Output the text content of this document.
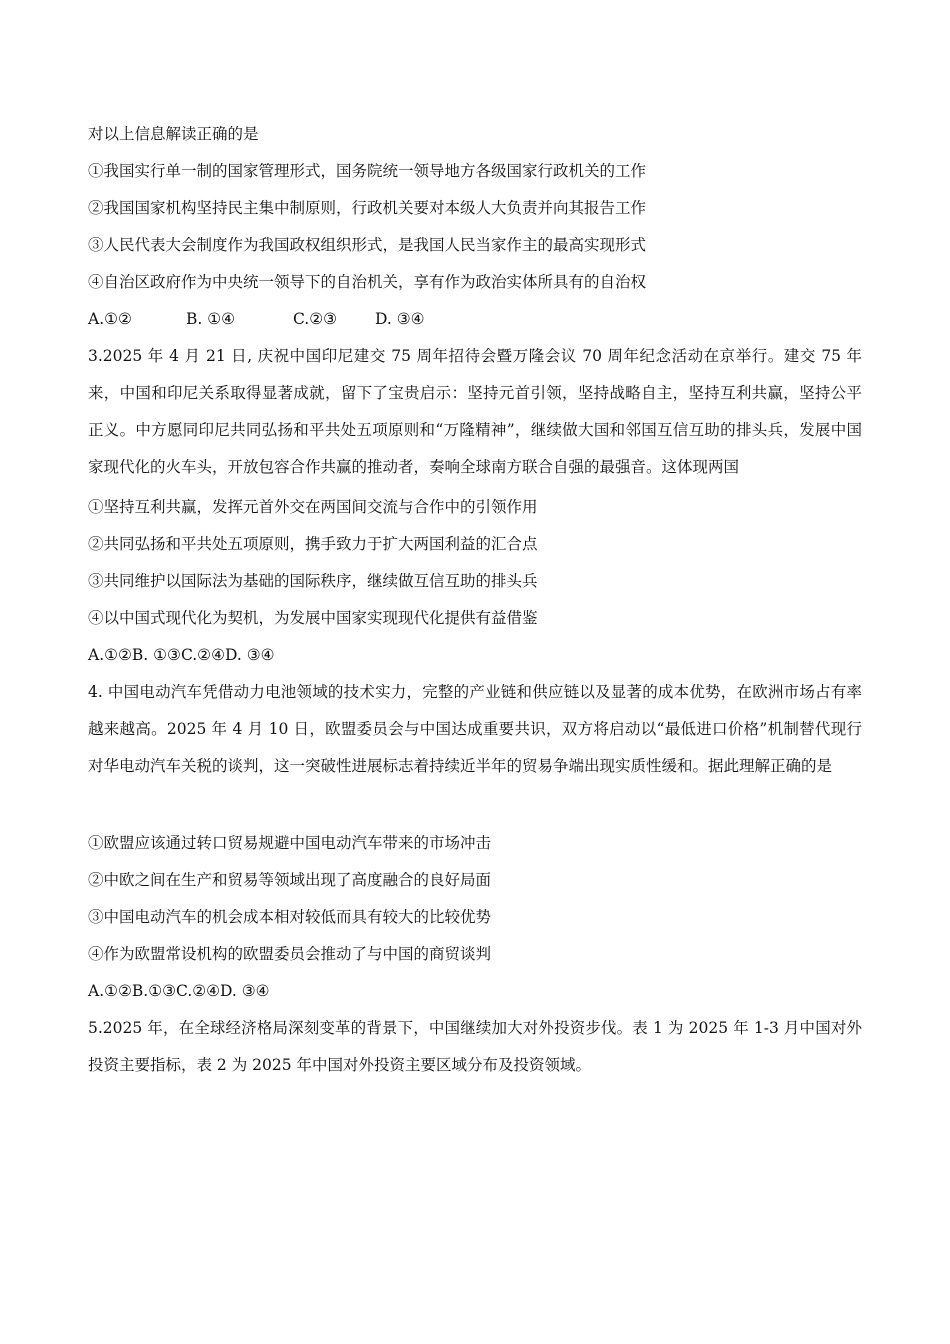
对以上信息解读正确的是
①我国实行单一制的国家管理形式，国务院统一领导地方各级国家行政机关的工作
②我国国家机构坚持民主集中制原则，行政机关要对本级人大负责并向其报告工作
③人民代表大会制度作为我国政权组织形式，是我国人民当家作主的最高实现形式
④自治区政府作为中央统一领导下的自治机关，享有作为政治实体所具有的自治权
A.①②	B. ①④	C.②③ D. ③④
3.2025 年 4 月 21 日, 庆祝中国印尼建交 75 周年招待会暨万隆会议 70 周年纪念活动在京举行。建交 75 年来，中国和印尼关系取得显著成就，留下了宝贵启示：坚持元首引领，坚持战略自主，坚持互利共赢，坚持公平正义。中方愿同印尼共同弘扬和平共处五项原则和“万隆精神”，继续做大国和邻国互信互助的排头兵，发展中国家现代化的火车头，开放包容合作共赢的推动者，奏响全球南方联合自强的最强音。这体现两国
①坚持互利共赢，发挥元首外交在两国间交流与合作中的引领作用
②共同弘扬和平共处五项原则，携手致力于扩大两国利益的汇合点
③共同维护以国际法为基础的国际秩序，继续做互信互助的排头兵
④以中国式现代化为契机，为发展中国家实现现代化提供有益借鉴
A.①②B. ①③C.②④D. ③④
4. 中国电动汽车凭借动力电池领域的技术实力，完整的产业链和供应链以及显著的成本优势，在欧洲市场占有率越来越高。2025 年 4 月 10 日，欧盟委员会与中国达成重要共识，双方将启动以“最低进口价格”机制替代现行对华电动汽车关税的谈判，这一突破性进展标志着持续近半年的贸易争端出现实质性缓和。据此理解正确的是
①欧盟应该通过转口贸易规避中国电动汽车带来的市场冲击
②中欧之间在生产和贸易等领域出现了高度融合的良好局面
③中国电动汽车的机会成本相对较低而具有较大的比较优势
④作为欧盟常设机构的欧盟委员会推动了与中国的商贸谈判
A.①②B.①③C.②④D. ③④
5.2025 年，在全球经济格局深刻变革的背景下，中国继续加大对外投资步伐。表 1 为 2025 年 1-3 月中国对外投资主要指标，表 2 为 2025 年中国对外投资主要区域分布及投资领域。
